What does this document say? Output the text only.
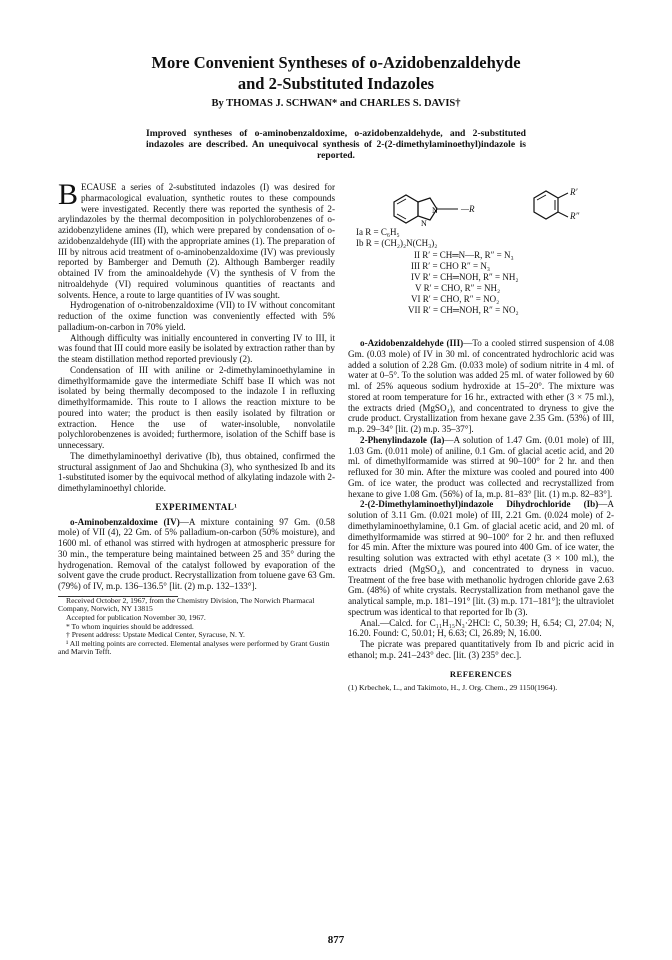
More Convenient Syntheses of o-Azidobenzaldehyde
and 2-Substituted Indazoles
By THOMAS J. SCHWAN* and CHARLES S. DAVIS†
Improved syntheses of o-aminobenzaldoxime, o-azidobenzaldehyde, and 2-substituted indazoles are described. An unequivocal synthesis of 2-(2-dimethylaminoethyl)indazole is reported.
N
N
—R
R′
R″
Ia R = C₆H₅
Ib R = (CH₂)₂N(CH₃)₂
II R′ = CH═N—R, R″ = N₃
III R′ = CHO R″ = N₃
IV R′ = CH═NOH, R″ = NH₂
V R′ = CHO, R″ = NH₂
VI R′ = CHO, R″ = NO₂
VII R′ = CH═NOH, R″ = NO₂

BECAUSE a series of 2-substituted indazoles (I) was desired for pharmacological evaluation, synthetic routes to these compounds were investigated. Recently there was reported the synthesis of 2-arylindazoles by the thermal decomposition in polychlorobenzenes of o-azidobenzylidene amines (II), which were prepared by condensation of o-azidobenzaldehyde (III) with the appropriate amines (1). The preparation of III by nitrous acid treatment of o-aminobenzaldoxime (IV) was previously reported by Bamberger and Demuth (2). Although Bamberger readily obtained IV from the aminoaldehyde (V) the synthesis of V from the nitroaldehyde (VI) required voluminous quantities of reactants and solvents. Hence, a route to large quantities of IV was sought.

Hydrogenation of o-nitrobenzaldoxime (VII) to IV without concomitant reduction of the oxime function was conveniently effected with 5% palladium-on-carbon in 70% yield.

Although difficulty was initially encountered in converting IV to III, it was found that III could more easily be isolated by extraction rather than by the steam distillation method reported previously (2).

Condensation of III with aniline or 2-dimethylaminoethylamine in dimethylformamide gave the intermediate Schiff base II which was not isolated by being thermally decomposed to the indazole I in refluxing dimethylformamide. This route to I allows the reaction mixture to be poured into water; the product is then easily isolated by filtration or extraction. Hence the use of water-insoluble, nonvolatile polychlorobenzenes is avoided; furthermore, isolation of the Schiff base is unnecessary.

The dimethylaminoethyl derivative (Ib), thus obtained, confirmed the structural assignment of Jao and Shchukina (3), who synthesized Ib and its 1-substituted isomer by the equivocal method of alkylating indazole with 2-dimethylaminoethyl chloride.

EXPERIMENTAL¹

o-Aminobenzaldoxime (IV)—A mixture containing 97 Gm. (0.58 mole) of VII (4), 22 Gm. of 5% palladium-on-carbon (50% moisture), and 1600 ml. of ethanol was stirred with hydrogen at atmospheric pressure for 30 min., the temperature being maintained between 25 and 35° during the hydrogenation. Removal of the catalyst followed by evaporation of the solvent gave the crude product. Recrystallization from toluene gave 63 Gm. (79%) of IV, m.p. 136–136.5° [lit. (2) m.p. 132–133°].

Received October 2, 1967, from the Chemistry Division, The Norwich Pharmacal Company, Norwich, NY 13815

Accepted for publication November 30, 1967.

* To whom inquiries should be addressed.

† Present address: Upstate Medical Center, Syracuse, N. Y.

¹ All melting points are corrected. Elemental analyses were performed by Grant Gustin and Marvin Tefft.

o-Azidobenzaldehyde (III)—To a cooled stirred suspension of 4.08 Gm. (0.03 mole) of IV in 30 ml. of concentrated hydrochloric acid was added a solution of 2.28 Gm. (0.033 mole) of sodium nitrite in 4 ml. of water at 0–5°. To the solution was added 25 ml. of water followed by 60 ml. of 25% aqueous sodium hydroxide at 15–20°. The mixture was stored at room temperature for 16 hr., extracted with ether (3 × 75 ml.), the extracts dried (MgSO₄), and concentrated to dryness to give the crude product. Crystallization from hexane gave 2.35 Gm. (53%) of III, m.p. 29–34° [lit. (2) m.p. 35–37°].

2-Phenylindazole (Ia)—A solution of 1.47 Gm. (0.01 mole) of III, 1.03 Gm. (0.011 mole) of aniline, 0.1 Gm. of glacial acetic acid, and 20 ml. of dimethylformamide was stirred at 90–100° for 2 hr. and then refluxed for 30 min. After the mixture was cooled and poured into 400 Gm. of ice water, the product was collected and recrystallized from hexane to give 1.08 Gm. (56%) of Ia, m.p. 81–83° [lit. (1) m.p. 82–83°].

2-(2-Dimethylaminoethyl)indazole Dihydrochloride (Ib)—A solution of 3.11 Gm. (0.021 mole) of III, 2.21 Gm. (0.024 mole) of 2-dimethylaminoethylamine, 0.1 Gm. of glacial acetic acid, and 20 ml. of dimethylformamide was stirred at 90–100° for 2 hr. and then refluxed for 45 min. After the mixture was poured into 400 Gm. of ice water, the resulting solution was extracted with ethyl acetate (3 × 100 ml.), the extracts dried (MgSO₄), and concentrated to dryness in vacuo. Treatment of the free base with methanolic hydrogen chloride gave 2.63 Gm. (48%) of white crystals. Recrystallization from methanol gave the analytical sample, m.p. 181–191° [lit. (3) m.p. 171–181°]; the ultraviolet spectrum was identical to that reported for Ib (3).

Anal.—Calcd. for C₁₁H₁₅N₃·2HCl: C, 50.39; H, 6.54; Cl, 27.04; N, 16.20. Found: C, 50.01; H, 6.63; Cl, 26.89; N, 16.00.

The picrate was prepared quantitatively from Ib and picric acid in ethanol; m.p. 241–243° dec. [lit. (3) 235° dec.].

REFERENCES

(1) Krbechek, L., and Takimoto, H., J. Org. Chem., 29 1150(1964).

877
